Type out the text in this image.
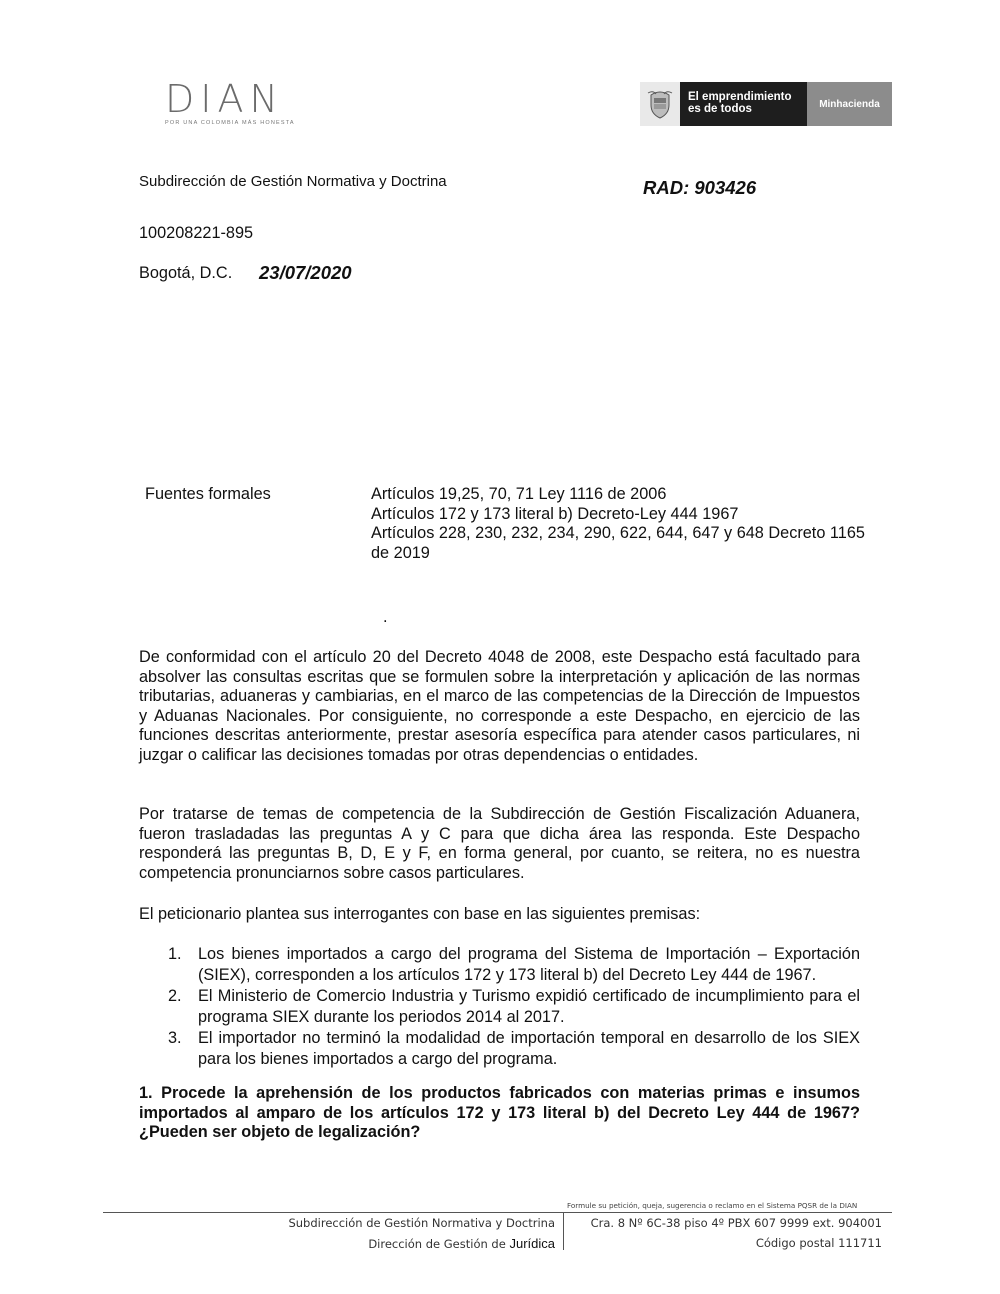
DIAN
POR UNA COLOMBIA MÁS HONESTA
El emprendimiento
es de todos	Minhacienda
Subdirección de Gestión Normativa y Doctrina	RAD: 903426
100208221-895
Bogotá, D.C. 23/07/2020
Fuentes formales	Artículos 19,25, 70, 71 Ley 1116 de 2006
Artículos 172 y 173 literal b) Decreto-Ley 444 1967
Artículos 228, 230, 232, 234, 290, 622, 644, 647 y 648 Decreto 1165 de 2019
.
De conformidad con el artículo 20 del Decreto 4048 de 2008, este Despacho está facultado para absolver las consultas escritas que se formulen sobre la interpretación y aplicación de las normas tributarias, aduaneras y cambiarias, en el marco de las competencias de la Dirección de Impuestos y Aduanas Nacionales. Por consiguiente, no corresponde a este Despacho, en ejercicio de las funciones descritas anteriormente, prestar asesoría específica para atender casos particulares, ni juzgar o calificar las decisiones tomadas por otras dependencias o entidades.
Por tratarse de temas de competencia de la Subdirección de Gestión Fiscalización Aduanera, fueron trasladadas las preguntas A y C para que dicha área las responda. Este Despacho responderá las preguntas B, D, E y F, en forma general, por cuanto, se reitera, no es nuestra competencia pronunciarnos sobre casos particulares.
El peticionario plantea sus interrogantes con base en las siguientes premisas:
1. Los bienes importados a cargo del programa del Sistema de Importación – Exportación (SIEX), corresponden a los artículos 172 y 173 literal b) del Decreto Ley 444 de 1967.
2. El Ministerio de Comercio Industria y Turismo expidió certificado de incumplimiento para el programa SIEX durante los periodos 2014 al 2017.
3. El importador no terminó la modalidad de importación temporal en desarrollo de los SIEX para los bienes importados a cargo del programa.
1. Procede la aprehensión de los productos fabricados con materias primas e insumos importados al amparo de los artículos 172 y 173 literal b) del Decreto Ley 444 de 1967? ¿Pueden ser objeto de legalización?
Formule su petición, queja, sugerencia o reclamo en el Sistema PQSR de la DIAN
Subdirección de Gestión Normativa y Doctrina
Dirección de Gestión de Jurídica
Cra. 8 Nº 6C-38 piso 4º PBX 607 9999 ext. 904001
Código postal 111711
